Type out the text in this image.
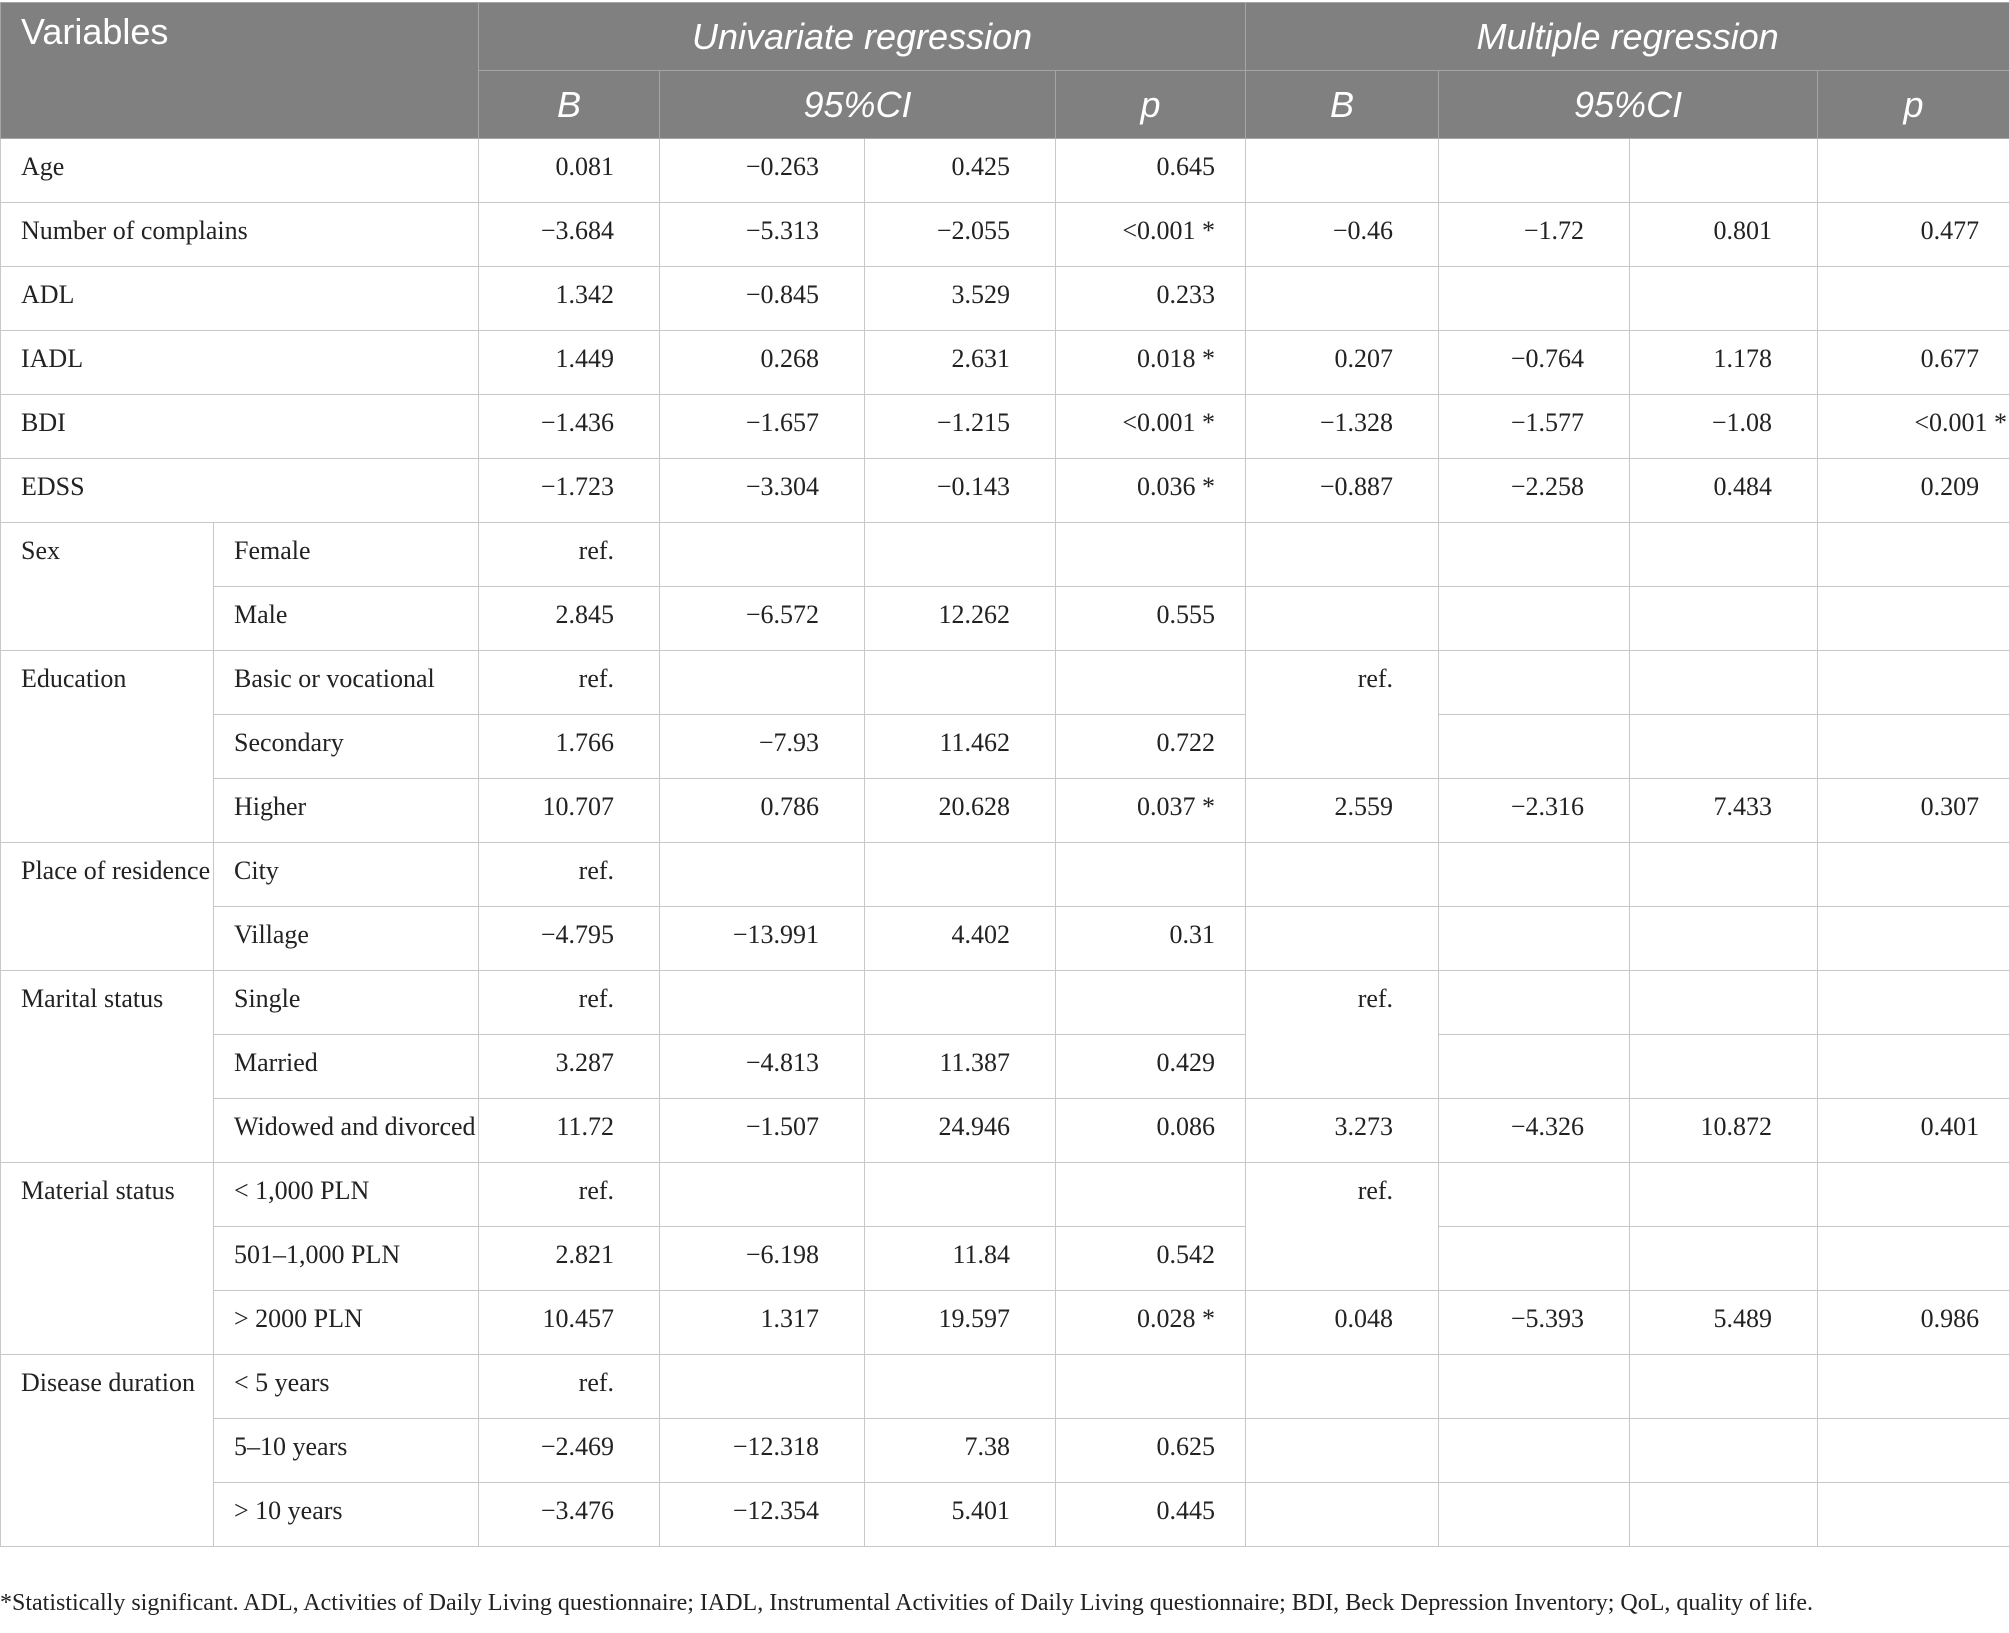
Variables		Univariate regression				Multiple regression			
		B	95%CI		p	B	95%CI		p
Age		0.081	−0.263	0.425	0.645				
Number of complains		−3.684	−5.313	−2.055	<0.001 *	−0.46	−1.72	0.801	0.477
ADL		1.342	−0.845	3.529	0.233				
IADL		1.449	0.268	2.631	0.018 *	0.207	−0.764	1.178	0.677
BDI		−1.436	−1.657	−1.215	<0.001 *	−1.328	−1.577	−1.08	<0.001 *
EDSS		−1.723	−3.304	−0.143	0.036 *	−0.887	−2.258	0.484	0.209
Sex	Female	ref.							
	Male	2.845	−6.572	12.262	0.555				
Education	Basic or vocational	ref.				ref.			
	Secondary	1.766	−7.93	11.462	0.722				
	Higher	10.707	0.786	20.628	0.037 *	2.559	−2.316	7.433	0.307
Place of residence	City	ref.							
	Village	−4.795	−13.991	4.402	0.31				
Marital status	Single	ref.				ref.			
	Married	3.287	−4.813	11.387	0.429				
	Widowed and divorced	11.72	−1.507	24.946	0.086	3.273	−4.326	10.872	0.401
Material status	< 1,000 PLN	ref.				ref.			
	501–1,000 PLN	2.821	−6.198	11.84	0.542				
	> 2000 PLN	10.457	1.317	19.597	0.028 *	0.048	−5.393	5.489	0.986
Disease duration	< 5 years	ref.							
	5–10 years	−2.469	−12.318	7.38	0.625				
	> 10 years	−3.476	−12.354	5.401	0.445				
*Statistically significant. ADL, Activities of Daily Living questionnaire; IADL, Instrumental Activities of Daily Living questionnaire; BDI, Beck Depression Inventory; QoL, quality of life.
